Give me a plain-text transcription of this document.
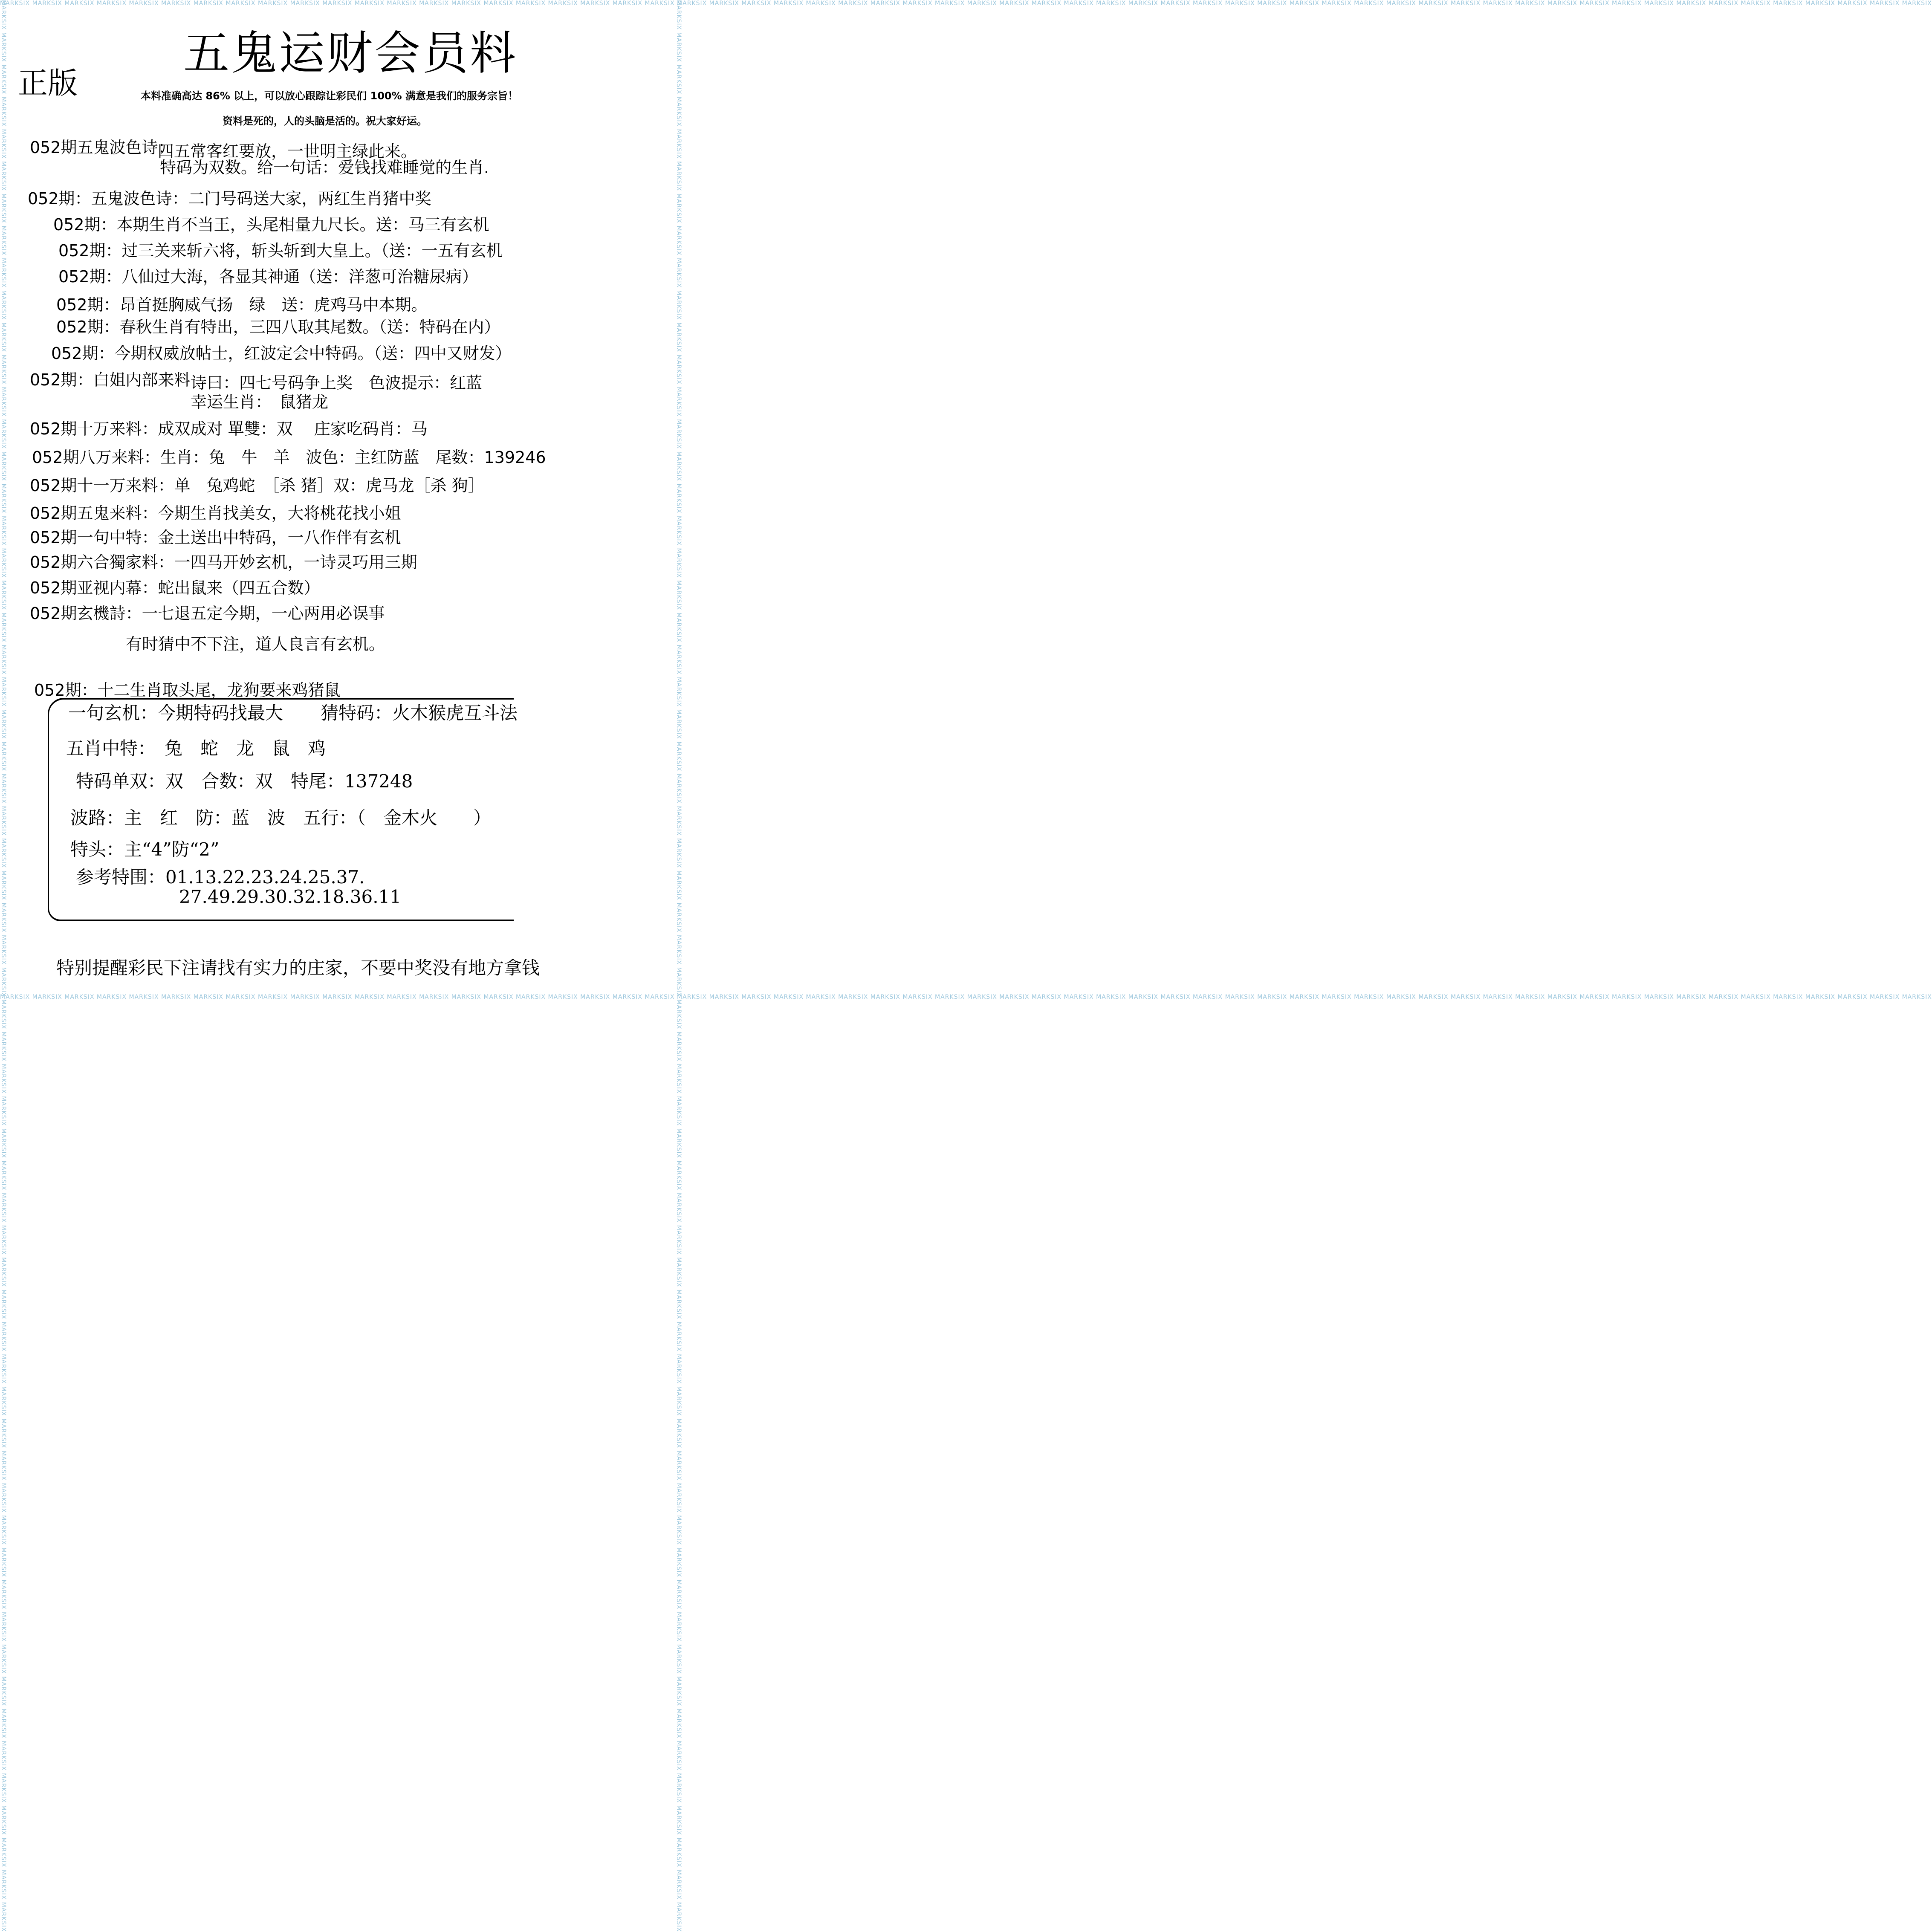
MARKSIX MARKSIX MARKSIX MARKSIX MARKSIX MARKSIX MARKSIX MARKSIX MARKSIX MARKSIX MARKSIX MARKSIX MARKSIX MARKSIX MARKSIX MARKSIX MARKSIX MARKSIX MARKSIX MARKSIX MARKSIX MARKSIX MARKSIX MARKSIX MARKSIX MARKSIX MARKSIX MARKSIX MARKSIX MARKSIX MARKSIX MARKSIX MARKSIX MARKSIX MARKSIX MARKSIX MARKSIX MARKSIX MARKSIX MARKSIX MARKSIX MARKSIX MARKSIX MARKSIX MARKSIX MARKSIX MARKSIX MARKSIX MARKSIX MARKSIX MARKSIX MARKSIX MARKSIX MARKSIX MARKSIX MARKSIX MARKSIX MARKSIX MARKSIX MARKSIX
MARKSIX MARKSIX MARKSIX MARKSIX MARKSIX MARKSIX MARKSIX MARKSIX MARKSIX MARKSIX MARKSIX MARKSIX MARKSIX MARKSIX MARKSIX MARKSIX MARKSIX MARKSIX MARKSIX MARKSIX MARKSIX MARKSIX MARKSIX MARKSIX MARKSIX MARKSIX MARKSIX MARKSIX MARKSIX MARKSIX MARKSIX MARKSIX MARKSIX MARKSIX MARKSIX MARKSIX MARKSIX MARKSIX MARKSIX MARKSIX MARKSIX MARKSIX MARKSIX MARKSIX MARKSIX MARKSIX MARKSIX MARKSIX MARKSIX MARKSIX MARKSIX MARKSIX MARKSIX MARKSIX MARKSIX MARKSIX MARKSIX MARKSIX MARKSIX MARKSIX
MARKSIX MARKSIX MARKSIX MARKSIX MARKSIX MARKSIX MARKSIX MARKSIX MARKSIX MARKSIX MARKSIX MARKSIX MARKSIX MARKSIX MARKSIX MARKSIX MARKSIX MARKSIX MARKSIX MARKSIX MARKSIX MARKSIX MARKSIX MARKSIX MARKSIX MARKSIX MARKSIX MARKSIX MARKSIX MARKSIX MARKSIX MARKSIX MARKSIX MARKSIX MARKSIX MARKSIX MARKSIX MARKSIX MARKSIX MARKSIX MARKSIX MARKSIX MARKSIX MARKSIX MARKSIX MARKSIX MARKSIX MARKSIX MARKSIX MARKSIX MARKSIX MARKSIX MARKSIX MARKSIX MARKSIX MARKSIX MARKSIX MARKSIX MARKSIX MARKSIX	MARKSIX MARKSIX MARKSIX MARKSIX MARKSIX MARKSIX MARKSIX MARKSIX MARKSIX MARKSIX MARKSIX MARKSIX MARKSIX MARKSIX MARKSIX MARKSIX MARKSIX MARKSIX MARKSIX MARKSIX MARKSIX MARKSIX MARKSIX MARKSIX MARKSIX MARKSIX MARKSIX MARKSIX MARKSIX MARKSIX MARKSIX MARKSIX MARKSIX MARKSIX MARKSIX MARKSIX MARKSIX MARKSIX MARKSIX MARKSIX MARKSIX MARKSIX MARKSIX MARKSIX MARKSIX MARKSIX MARKSIX MARKSIX MARKSIX MARKSIX MARKSIX MARKSIX MARKSIX MARKSIX MARKSIX MARKSIX MARKSIX MARKSIX MARKSIX MARKSIX
正版
五鬼运财会员料
本料准确高达 86% 以上，可以放心跟踪让彩民们 100% 满意是我们的服务宗旨！
资料是死的，人的头脑是活的。祝大家好运。
052期五鬼波色诗：
四五常客红要放，一世明主绿此来。
特码为双数。给一句话：爱钱找难睡觉的生肖.
052期：五鬼波色诗：二门号码送大家，两红生肖猪中奖
052期：本期生肖不当王，头尾相量九尺长。送：马三有玄机
052期：过三关来斩六将，斩头斩到大皇上。（送：一五有玄机
052期：八仙过大海，各显其神通（送：洋葱可治糖尿病）
052期：昂首挺胸威气扬　绿　送：虎鸡马中本期。
052期：春秋生肖有特出，三四八取其尾数。（送：特码在内）
052期：今期权威放帖士，红波定会中特码。（送：四中又财发）
052期：白姐内部来料 诗曰：四七号码争上奖　色波提示：红蓝
幸运生肖：　鼠猪龙
052期十万来料：成双成对 單雙：双　 庄家吃码肖：马
052期八万来料：生肖：兔　牛　羊　波色：主红防蓝　尾数：139246
052期十一万来料：单　兔鸡蛇　［杀 猪］双：虎马龙［杀 狗］
052期五鬼来料：今期生肖找美女，大将桃花找小姐
052期一句中特：金土送出中特码，一八作伴有玄机
052期六合獨家料：一四马开妙玄机，一诗灵巧用三期
052期亚视内幕：蛇出鼠来（四五合数）
052期玄機詩：一七退五定今期，一心两用必误事
有时猜中不下注，道人良言有玄机。
052期：十二生肖取头尾，龙狗要来鸡猪鼠
一句玄机：今期特码找最大 猜特码：火木猴虎互斗法
五肖中特：　兔　蛇　龙　鼠　鸡
特码单双：双　合数：双　特尾：137248
波路：主　红　防：蓝　波　五行：（　金木火　　）
特头：主“4”防“2”
参考特围：01.13.22.23.24.25.37.
27.49.29.30.32.18.36.11
特别提醒彩民下注请找有实力的庄家，不要中奖没有地方拿钱
